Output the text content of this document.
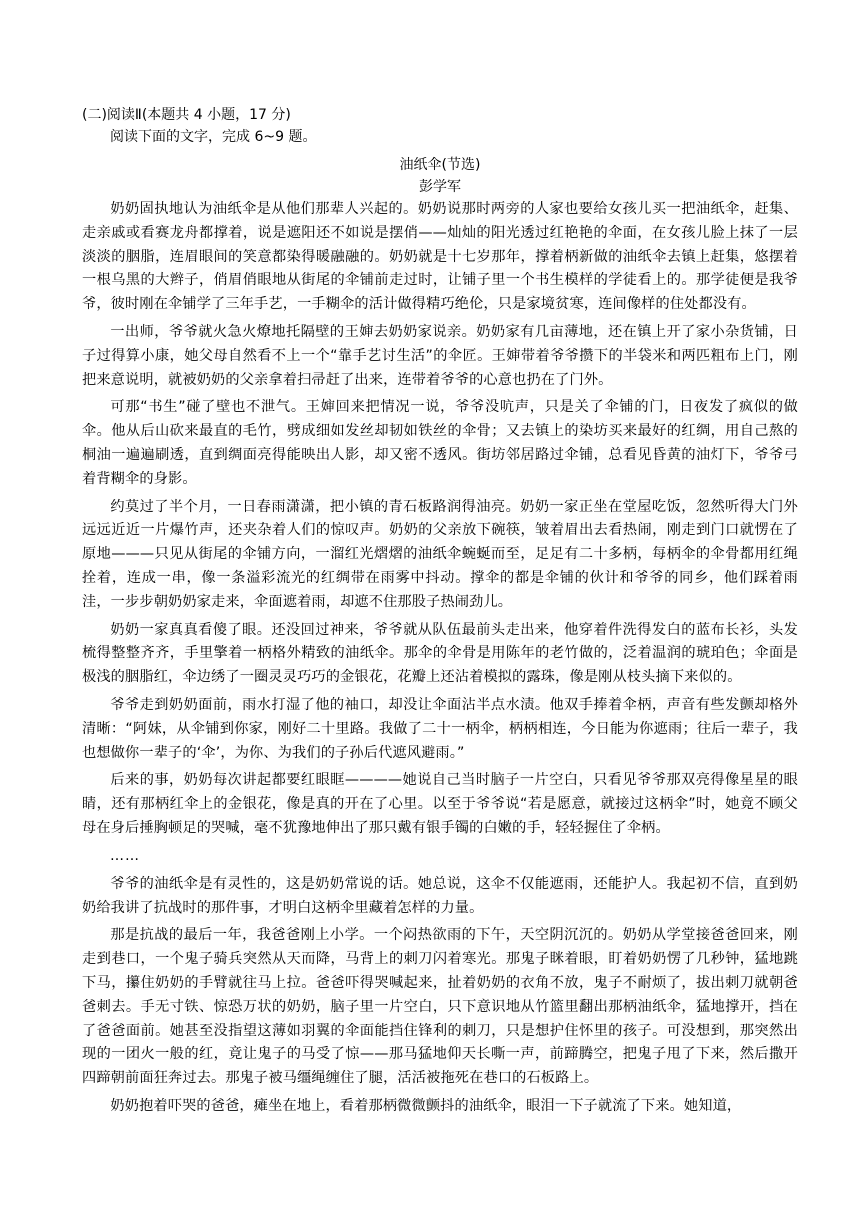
(二)阅读Ⅱ(本题共 4 小题，17 分)

阅读下面的文字，完成 6~9 题。

油纸伞(节选)

彭学军

奶奶固执地认为油纸伞是从他们那辈人兴起的。奶奶说那时两旁的人家也要给女孩儿买一把油纸伞，赶集、走亲戚或看赛龙舟都撑着，说是遮阳还不如说是摆俏——灿灿的阳光透过红艳艳的伞面，在女孩儿脸上抹了一层淡淡的胭脂，连眉眼间的笑意都染得暖融融的。奶奶就是十七岁那年，撑着柄新做的油纸伞去镇上赶集，悠摆着一根乌黑的大辫子，俏眉俏眼地从街尾的伞铺前走过时，让铺子里一个书生模样的学徒看上的。那学徒便是我爷爷，彼时刚在伞铺学了三年手艺，一手糊伞的活计做得精巧绝伦，只是家境贫寒，连间像样的住处都没有。

一出师，爷爷就火急火燎地托隔壁的王婶去奶奶家说亲。奶奶家有几亩薄地，还在镇上开了家小杂货铺，日子过得算小康，她父母自然看不上一个“靠手艺讨生活”的伞匠。王婶带着爷爷攒下的半袋米和两匹粗布上门，刚把来意说明，就被奶奶的父亲拿着扫帚赶了出来，连带着爷爷的心意也扔在了门外。

可那“书生”碰了壁也不泄气。王婶回来把情况一说，爷爷没吭声，只是关了伞铺的门，日夜发了疯似的做伞。他从后山砍来最直的毛竹，劈成细如发丝却韧如铁丝的伞骨；又去镇上的染坊买来最好的红绸，用自己熬的桐油一遍遍刷透，直到绸面亮得能映出人影，却又密不透风。街坊邻居路过伞铺，总看见昏黄的油灯下，爷爷弓着背糊伞的身影。

约莫过了半个月，一日春雨潇潇，把小镇的青石板路润得油亮。奶奶一家正坐在堂屋吃饭，忽然听得大门外远远近近一片爆竹声，还夹杂着人们的惊叹声。奶奶的父亲放下碗筷，皱着眉出去看热闹，刚走到门口就愣在了原地———只见从街尾的伞铺方向，一溜红光熠熠的油纸伞蜿蜒而至，足足有二十多柄，每柄伞的伞骨都用红绳拴着，连成一串，像一条溢彩流光的红绸带在雨雾中抖动。撑伞的都是伞铺的伙计和爷爷的同乡，他们踩着雨洼，一步步朝奶奶家走来，伞面遮着雨，却遮不住那股子热闹劲儿。

奶奶一家真真看傻了眼。还没回过神来，爷爷就从队伍最前头走出来，他穿着件洗得发白的蓝布长衫，头发梳得整整齐齐，手里擎着一柄格外精致的油纸伞。那伞的伞骨是用陈年的老竹做的，泛着温润的琥珀色；伞面是极浅的胭脂红，伞边绣了一圈灵灵巧巧的金银花，花瓣上还沾着模拟的露珠，像是刚从枝头摘下来似的。

爷爷走到奶奶面前，雨水打湿了他的袖口，却没让伞面沾半点水渍。他双手捧着伞柄，声音有些发颤却格外清晰：“阿妹，从伞铺到你家，刚好二十里路。我做了二十一柄伞，柄柄相连，今日能为你遮雨；往后一辈子，我也想做你一辈子的‘伞’，为你、为我们的子孙后代遮风避雨。”

后来的事，奶奶每次讲起都要红眼眶————她说自己当时脑子一片空白，只看见爷爷那双亮得像星星的眼睛，还有那柄红伞上的金银花，像是真的开在了心里。以至于爷爷说“若是愿意，就接过这柄伞”时，她竟不顾父母在身后捶胸顿足的哭喊，毫不犹豫地伸出了那只戴有银手镯的白嫩的手，轻轻握住了伞柄。

……

爷爷的油纸伞是有灵性的，这是奶奶常说的话。她总说，这伞不仅能遮雨，还能护人。我起初不信，直到奶奶给我讲了抗战时的那件事，才明白这柄伞里藏着怎样的力量。

那是抗战的最后一年，我爸爸刚上小学。一个闷热欲雨的下午，天空阴沉沉的。奶奶从学堂接爸爸回来，刚走到巷口，一个鬼子骑兵突然从天而降，马背上的刺刀闪着寒光。那鬼子眯着眼，盯着奶奶愣了几秒钟，猛地跳下马，攥住奶奶的手臂就往马上拉。爸爸吓得哭喊起来，扯着奶奶的衣角不放，鬼子不耐烦了，拔出刺刀就朝爸爸刺去。手无寸铁、惊恐万状的奶奶，脑子里一片空白，只下意识地从竹篮里翻出那柄油纸伞，猛地撑开，挡在了爸爸面前。她甚至没指望这薄如羽翼的伞面能挡住锋利的刺刀，只是想护住怀里的孩子。可没想到，那突然出现的一团火一般的红，竟让鬼子的马受了惊——那马猛地仰天长嘶一声，前蹄腾空，把鬼子甩了下来，然后撒开四蹄朝前面狂奔过去。那鬼子被马缰绳缠住了腿，活活被拖死在巷口的石板路上。

奶奶抱着吓哭的爸爸，瘫坐在地上，看着那柄微微颤抖的油纸伞，眼泪一下子就流了下来。她知道，
